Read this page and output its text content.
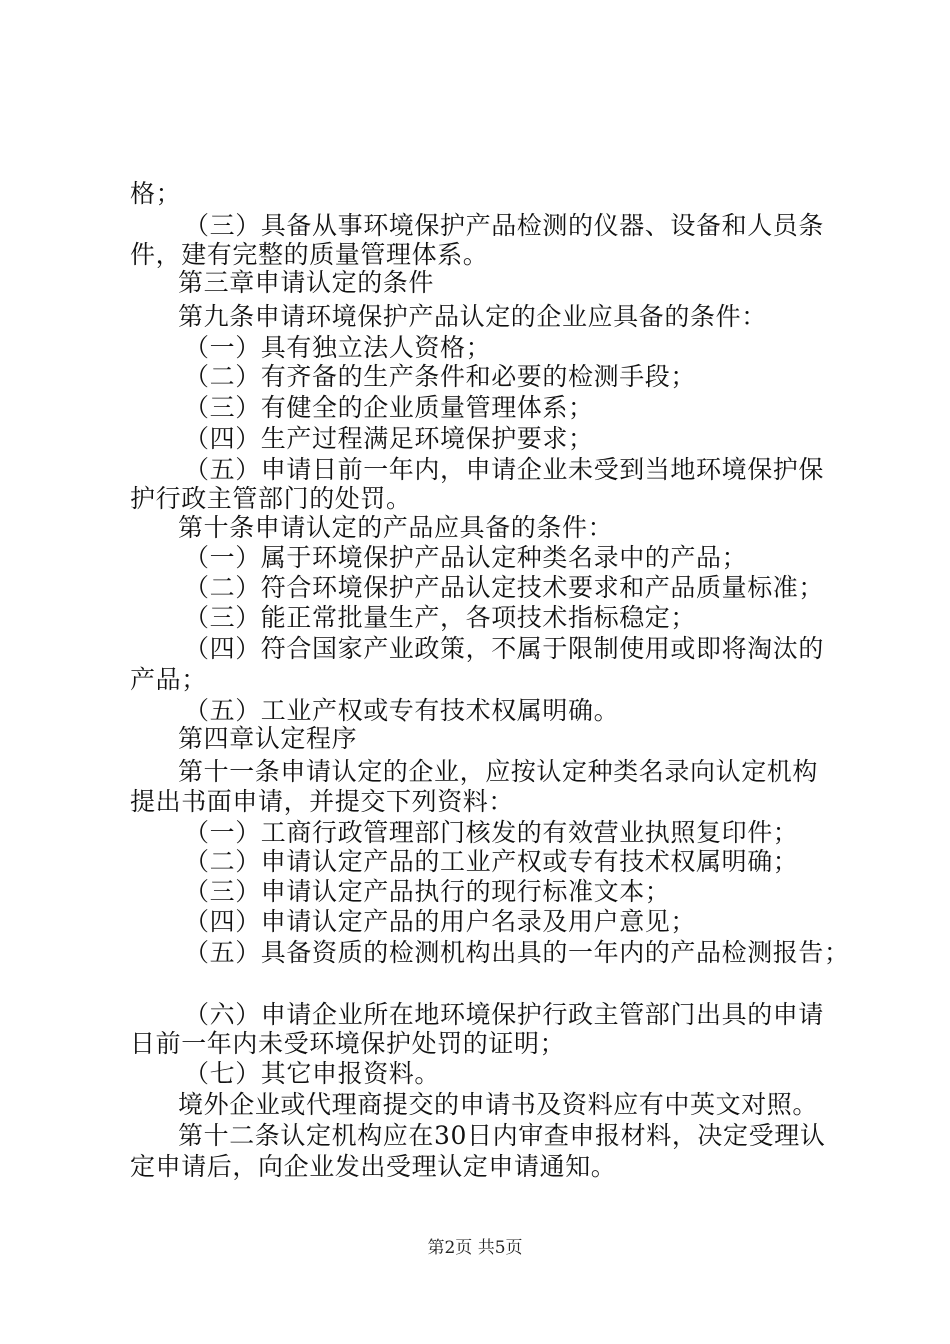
格；
（三）具备从事环境保护产品检测的仪器、设备和人员条
件，建有完整的质量管理体系。
第三章申请认定的条件
第九条申请环境保护产品认定的企业应具备的条件：
（一）具有独立法人资格；
（二）有齐备的生产条件和必要的检测手段；
（三）有健全的企业质量管理体系；
（四）生产过程满足环境保护要求；
（五）申请日前一年内，申请企业未受到当地环境保护保
护行政主管部门的处罚。
第十条申请认定的产品应具备的条件：
（一）属于环境保护产品认定种类名录中的产品；
（二）符合环境保护产品认定技术要求和产品质量标准；
（三）能正常批量生产，各项技术指标稳定；
（四）符合国家产业政策，不属于限制使用或即将淘汰的
产品；
（五）工业产权或专有技术权属明确。
第四章认定程序
第十一条申请认定的企业，应按认定种类名录向认定机构
提出书面申请，并提交下列资料：
（一）工商行政管理部门核发的有效营业执照复印件；
（二）申请认定产品的工业产权或专有技术权属明确；
（三）申请认定产品执行的现行标准文本；
（四）申请认定产品的用户名录及用户意见；
（五）具备资质的检测机构出具的一年内的产品检测报告；
（六）申请企业所在地环境保护行政主管部门出具的申请
日前一年内未受环境保护处罚的证明；
（七）其它申报资料。
境外企业或代理商提交的申请书及资料应有中英文对照。
第十二条认定机构应在30日内审查申报材料，决定受理认
定申请后，向企业发出受理认定申请通知。
第2页 共5页
